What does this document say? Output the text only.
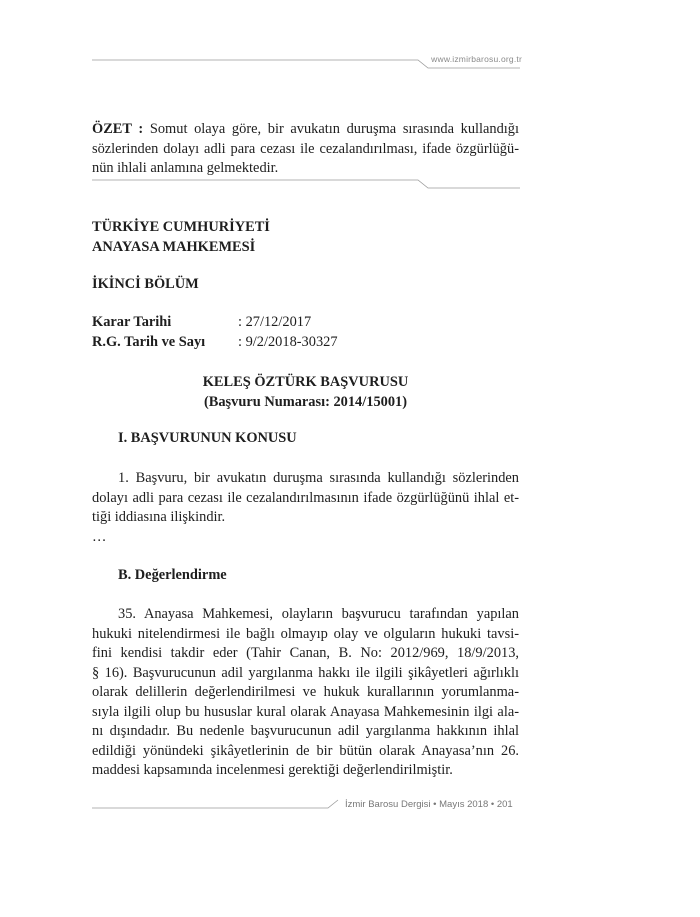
www.izmirbarosu.org.tr
ÖZET : Somut olaya göre, bir avukatın duruşma sırasında kullandığı
sözlerinden dolayı adli para cezası ile cezalandırılması, ifade özgürlüğü-
nün ihlali anlamına gelmektedir.
TÜRKİYE CUMHURİYETİ
ANAYASA MAHKEMESİ
İKİNCİ BÖLÜM
Karar Tarihi	: 27/12/2017
R.G. Tarih ve Sayı : 9/2/2018-30327
KELEŞ ÖZTÜRK BAŞVURUSU
(Başvuru Numarası: 2014/15001)
I. BAŞVURUNUN KONUSU
1. Başvuru, bir avukatın duruşma sırasında kullandığı sözlerinden
dolayı adli para cezası ile cezalandırılmasının ifade özgürlüğünü ihlal et-
tiği iddiasına ilişkindir.
…
B. Değerlendirme
35. Anayasa Mahkemesi, olayların başvurucu tarafından yapılan
hukuki nitelendirmesi ile bağlı olmayıp olay ve olguların hukuki tavsi-
fini kendisi takdir eder (Tahir Canan, B. No: 2012/969, 18/9/2013,
§ 16). Başvurucunun adil yargılanma hakkı ile ilgili şikâyetleri ağırlıklı
olarak delillerin değerlendirilmesi ve hukuk kurallarının yorumlanma-
sıyla ilgili olup bu hususlar kural olarak Anayasa Mahkemesinin ilgi ala-
nı dışındadır. Bu nedenle başvurucunun adil yargılanma hakkının ihlal
edildiği yönündeki şikâyetlerinin de bir bütün olarak Anayasa’nın 26.
maddesi kapsamında incelenmesi gerektiği değerlendirilmiştir.
İzmir Barosu Dergisi • Mayıs 2018 • 201
